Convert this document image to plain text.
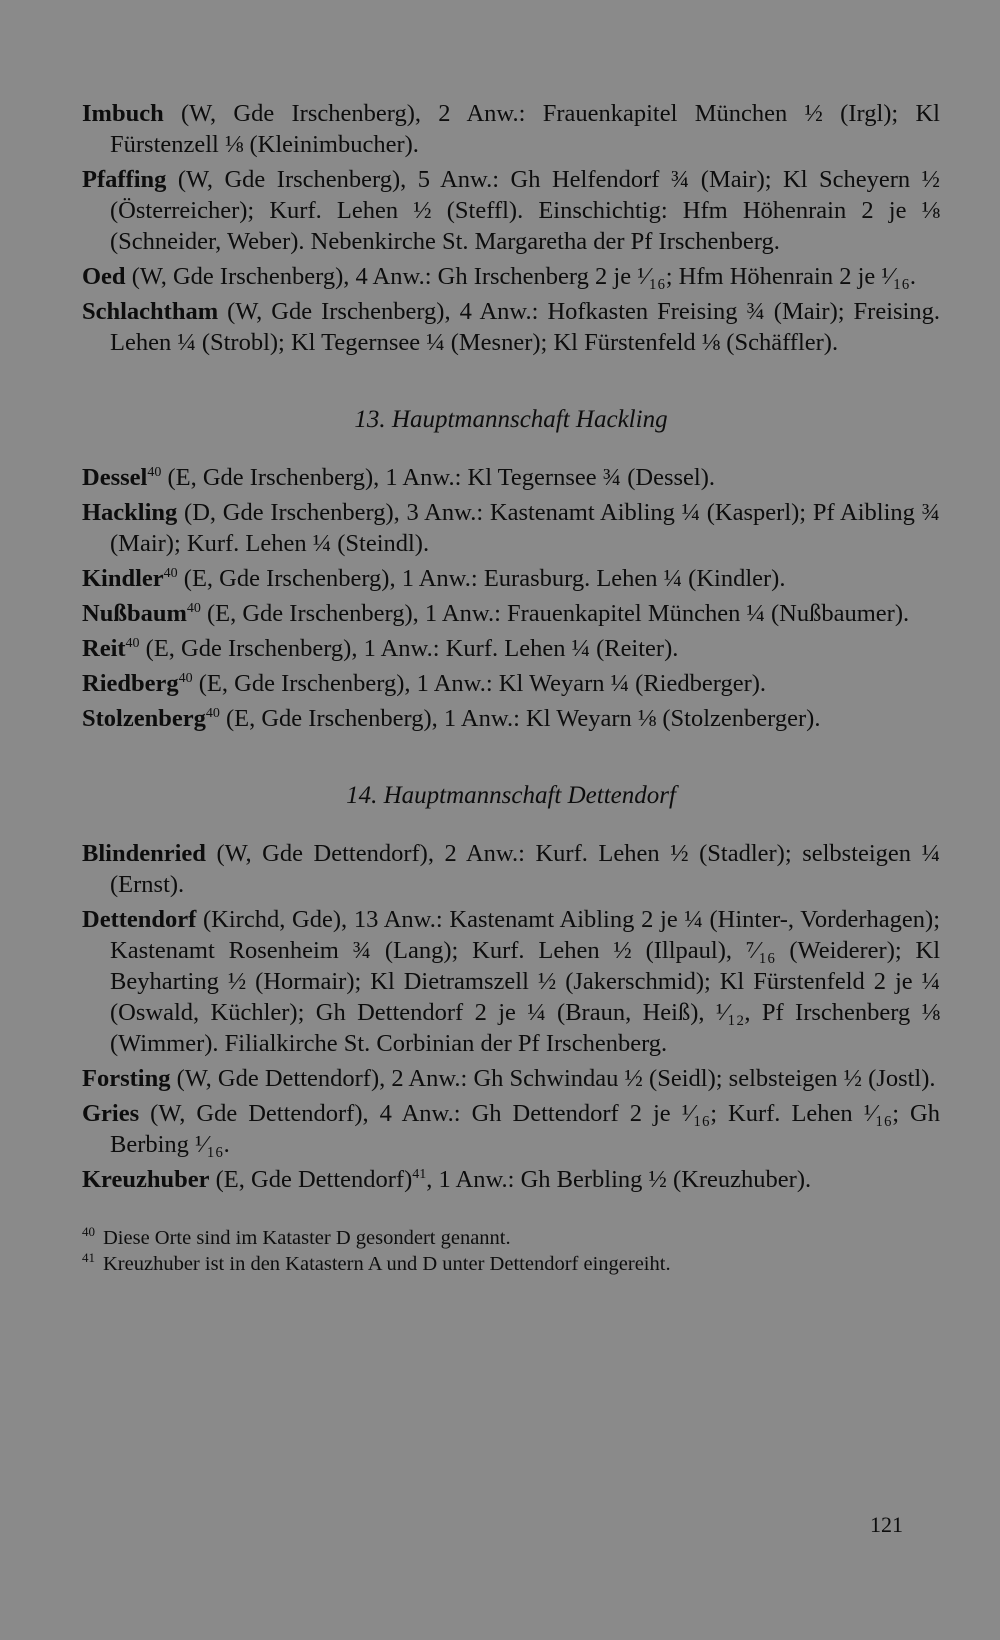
Imbuch (W, Gde Irschenberg), 2 Anw.: Frauenkapitel München ½ (Irgl); Kl Fürstenzell ⅛ (Kleinimbucher).

Pfaffing (W, Gde Irschenberg), 5 Anw.: Gh Helfendorf ¾ (Mair); Kl Scheyern ½ (Österreicher); Kurf. Lehen ½ (Steffl). Einschichtig: Hfm Höhenrain 2 je ⅛ (Schneider, Weber). Nebenkirche St. Margaretha der Pf Irschenberg.

Oed (W, Gde Irschenberg), 4 Anw.: Gh Irschenberg 2 je ¹⁄₁₆; Hfm Höhenrain 2 je ¹⁄₁₆.

Schlachtham (W, Gde Irschenberg), 4 Anw.: Hofkasten Freising ¾ (Mair); Freising. Lehen ¼ (Strobl); Kl Tegernsee ¼ (Mesner); Kl Fürstenfeld ⅛ (Schäffler).

13. Hauptmannschaft Hackling

Dessel$^{40}$ (E, Gde Irschenberg), 1 Anw.: Kl Tegernsee ¾ (Dessel).

Hackling (D, Gde Irschenberg), 3 Anw.: Kastenamt Aibling ¼ (Kasperl); Pf Aibling ¾ (Mair); Kurf. Lehen ¼ (Steindl).

Kindler$^{40}$ (E, Gde Irschenberg), 1 Anw.: Eurasburg. Lehen ¼ (Kindler).

Nußbaum$^{40}$ (E, Gde Irschenberg), 1 Anw.: Frauenkapitel München ¼ (Nußbaumer).

Reit$^{40}$ (E, Gde Irschenberg), 1 Anw.: Kurf. Lehen ¼ (Reiter).

Riedberg$^{40}$ (E, Gde Irschenberg), 1 Anw.: Kl Weyarn ¼ (Riedberger).

Stolzenberg$^{40}$ (E, Gde Irschenberg), 1 Anw.: Kl Weyarn ⅛ (Stolzenberger).

14. Hauptmannschaft Dettendorf

Blindenried (W, Gde Dettendorf), 2 Anw.: Kurf. Lehen ½ (Stadler); selbsteigen ¼ (Ernst).

Dettendorf (Kirchd, Gde), 13 Anw.: Kastenamt Aibling 2 je ¼ (Hinter-, Vorderhagen); Kastenamt Rosenheim ¾ (Lang); Kurf. Lehen ½ (Illpaul), ⁷⁄₁₆ (Weiderer); Kl Beyharting ½ (Hormair); Kl Dietramszell ½ (Jakerschmid); Kl Fürstenfeld 2 je ¼ (Oswald, Küchler); Gh Dettendorf 2 je ¼ (Braun, Heiß), ¹⁄₁₂, Pf Irschenberg ⅛ (Wimmer). Filialkirche St. Corbinian der Pf Irschenberg.

Forsting (W, Gde Dettendorf), 2 Anw.: Gh Schwindau ½ (Seidl); selbsteigen ½ (Jostl).

Gries (W, Gde Dettendorf), 4 Anw.: Gh Dettendorf 2 je ¹⁄₁₆; Kurf. Lehen ¹⁄₁₆; Gh Berbing ¹⁄₁₆.

Kreuzhuber (E, Gde Dettendorf)$^{41}$, 1 Anw.: Gh Berbling ½ (Kreuzhuber).

$^{40}$ Diese Orte sind im Kataster D gesondert genannt.
$^{41}$ Kreuzhuber ist in den Katastern A und D unter Dettendorf eingereiht.
121
